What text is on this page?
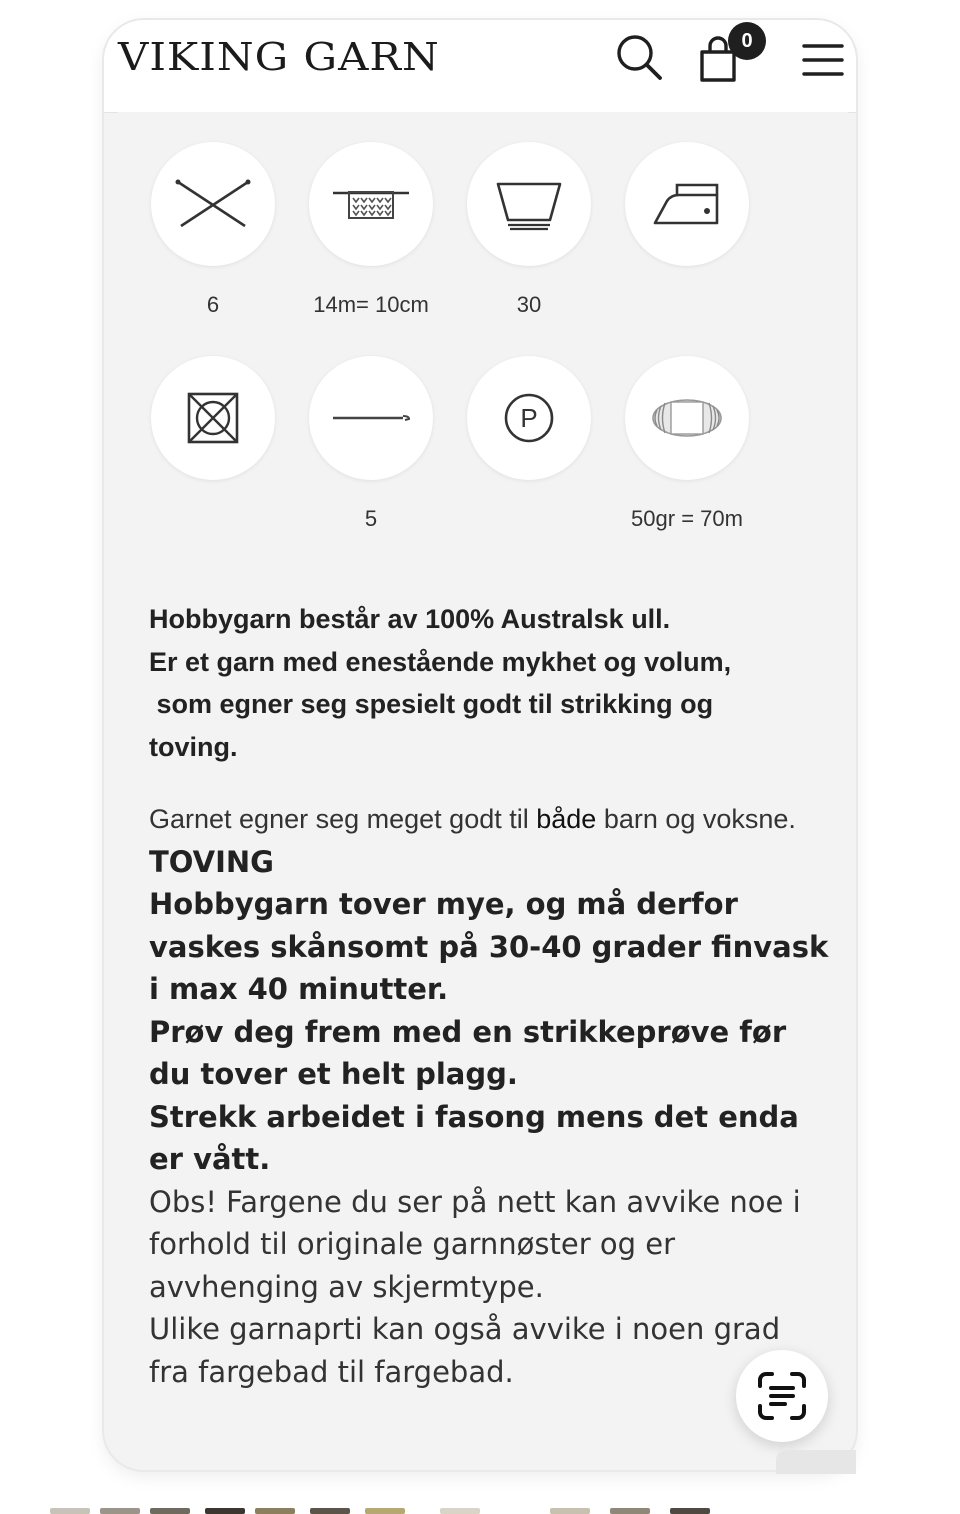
VIKING GARN	0
6	14m= 10cm	30
5
P
50gr = 70m

Hobbygarn består av 100% Australsk ull.
Er et garn med enestående mykhet og volum,
som egner seg spesielt godt til strikking og
toving.

Garnet egner seg meget godt til både barn og voksne.

TOVING

Hobbygarn tover mye, og må derfor vaskes skånsomt på 30-40 grader finvask i max 40 minutter.

Prøv deg frem med en strikkeprøve før du tover et helt plagg.

Strekk arbeidet i fasong mens det enda er vått.

Obs! Fargene du ser på nett kan avvike noe i forhold til originale garnnøster og er avvhenging av skjermtype.

Ulike garnaprti kan også avvike i noen grad fra fargebad til fargebad.
